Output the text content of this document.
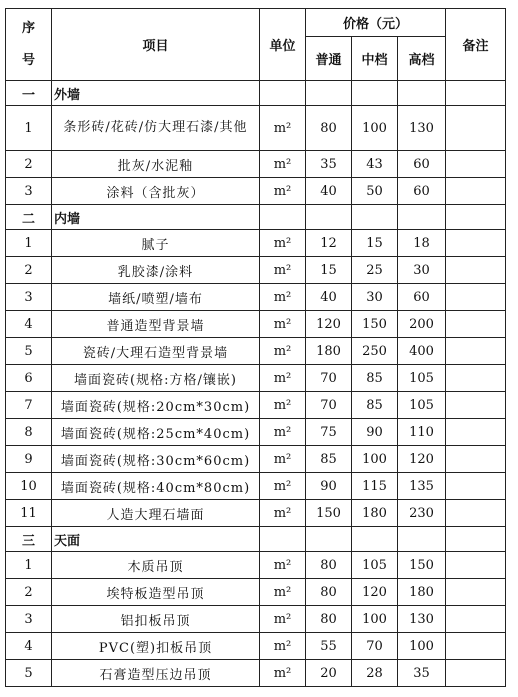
序
号	项目	单位	价格（元）			备注
			普通	中档	高档	
一	外墙					
1	条形砖/花砖/仿大理石漆/其他	m²	80	100	130	
2	批灰/水泥釉	m²	35	43	60	
3	涂料（含批灰）	m²	40	50	60	
二	内墙					
1	腻子	m²	12	15	18	
2	乳胶漆/涂料	m²	15	25	30	
3	墙纸/喷塑/墙布	m²	40	30	60	
4	普通造型背景墙	m²	120	150	200	
5	瓷砖/大理石造型背景墙	m²	180	250	400	
6	墙面瓷砖(规格:方格/镶嵌)	m²	70	85	105	
7	墙面瓷砖(规格:20cm*30cm)	m²	70	85	105	
8	墙面瓷砖(规格:25cm*40cm)	m²	75	90	110	
9	墙面瓷砖(规格:30cm*60cm)	m²	85	100	120	
10	墙面瓷砖(规格:40cm*80cm)	m²	90	115	135	
11	人造大理石墙面	m²	150	180	230	
三	天面					
1	木质吊顶	m²	80	105	150	
2	埃特板造型吊顶	m²	80	120	180	
3	铝扣板吊顶	m²	80	100	130	
4	PVC(塑)扣板吊顶	m²	55	70	100	
5	石膏造型压边吊顶	m²	20	28	35	
